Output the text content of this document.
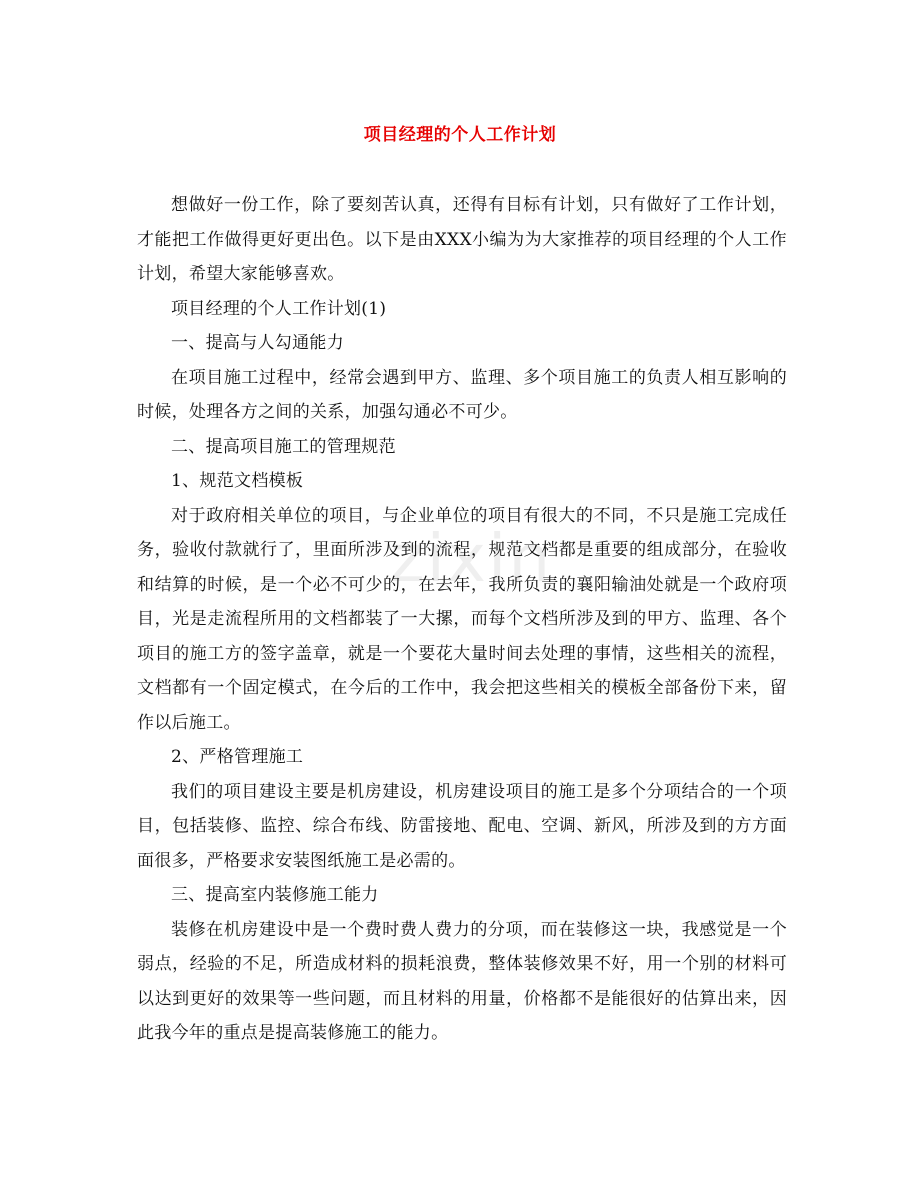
zixin
项目经理的个人工作计划

想做好一份工作，除了要刻苦认真，还得有目标有计划，只有做好了工作计划，才能把工作做得更好更出色。以下是由XXX小编为为大家推荐的项目经理的个人工作计划，希望大家能够喜欢。

项目经理的个人工作计划(1)

一、提高与人勾通能力

在项目施工过程中，经常会遇到甲方、监理、多个项目施工的负责人相互影响的时候，处理各方之间的关系，加强勾通必不可少。

二、提高项目施工的管理规范

1、规范文档模板

对于政府相关单位的项目，与企业单位的项目有很大的不同，不只是施工完成任务，验收付款就行了，里面所涉及到的流程，规范文档都是重要的组成部分，在验收和结算的时候，是一个必不可少的，在去年，我所负责的襄阳输油处就是一个政府项目，光是走流程所用的文档都装了一大摞，而每个文档所涉及到的甲方、监理、各个项目的施工方的签字盖章，就是一个要花大量时间去处理的事情，这些相关的流程，文档都有一个固定模式，在今后的工作中，我会把这些相关的模板全部备份下来，留作以后施工。

2、严格管理施工

我们的项目建设主要是机房建设，机房建设项目的施工是多个分项结合的一个项目，包括装修、监控、综合布线、防雷接地、配电、空调、新风，所涉及到的方方面面很多，严格要求安装图纸施工是必需的。

三、提高室内装修施工能力

装修在机房建设中是一个费时费人费力的分项，而在装修这一块，我感觉是一个弱点，经验的不足，所造成材料的损耗浪费，整体装修效果不好，用一个别的材料可以达到更好的效果等一些问题，而且材料的用量，价格都不是能很好的估算出来，因此我今年的重点是提高装修施工的能力。
